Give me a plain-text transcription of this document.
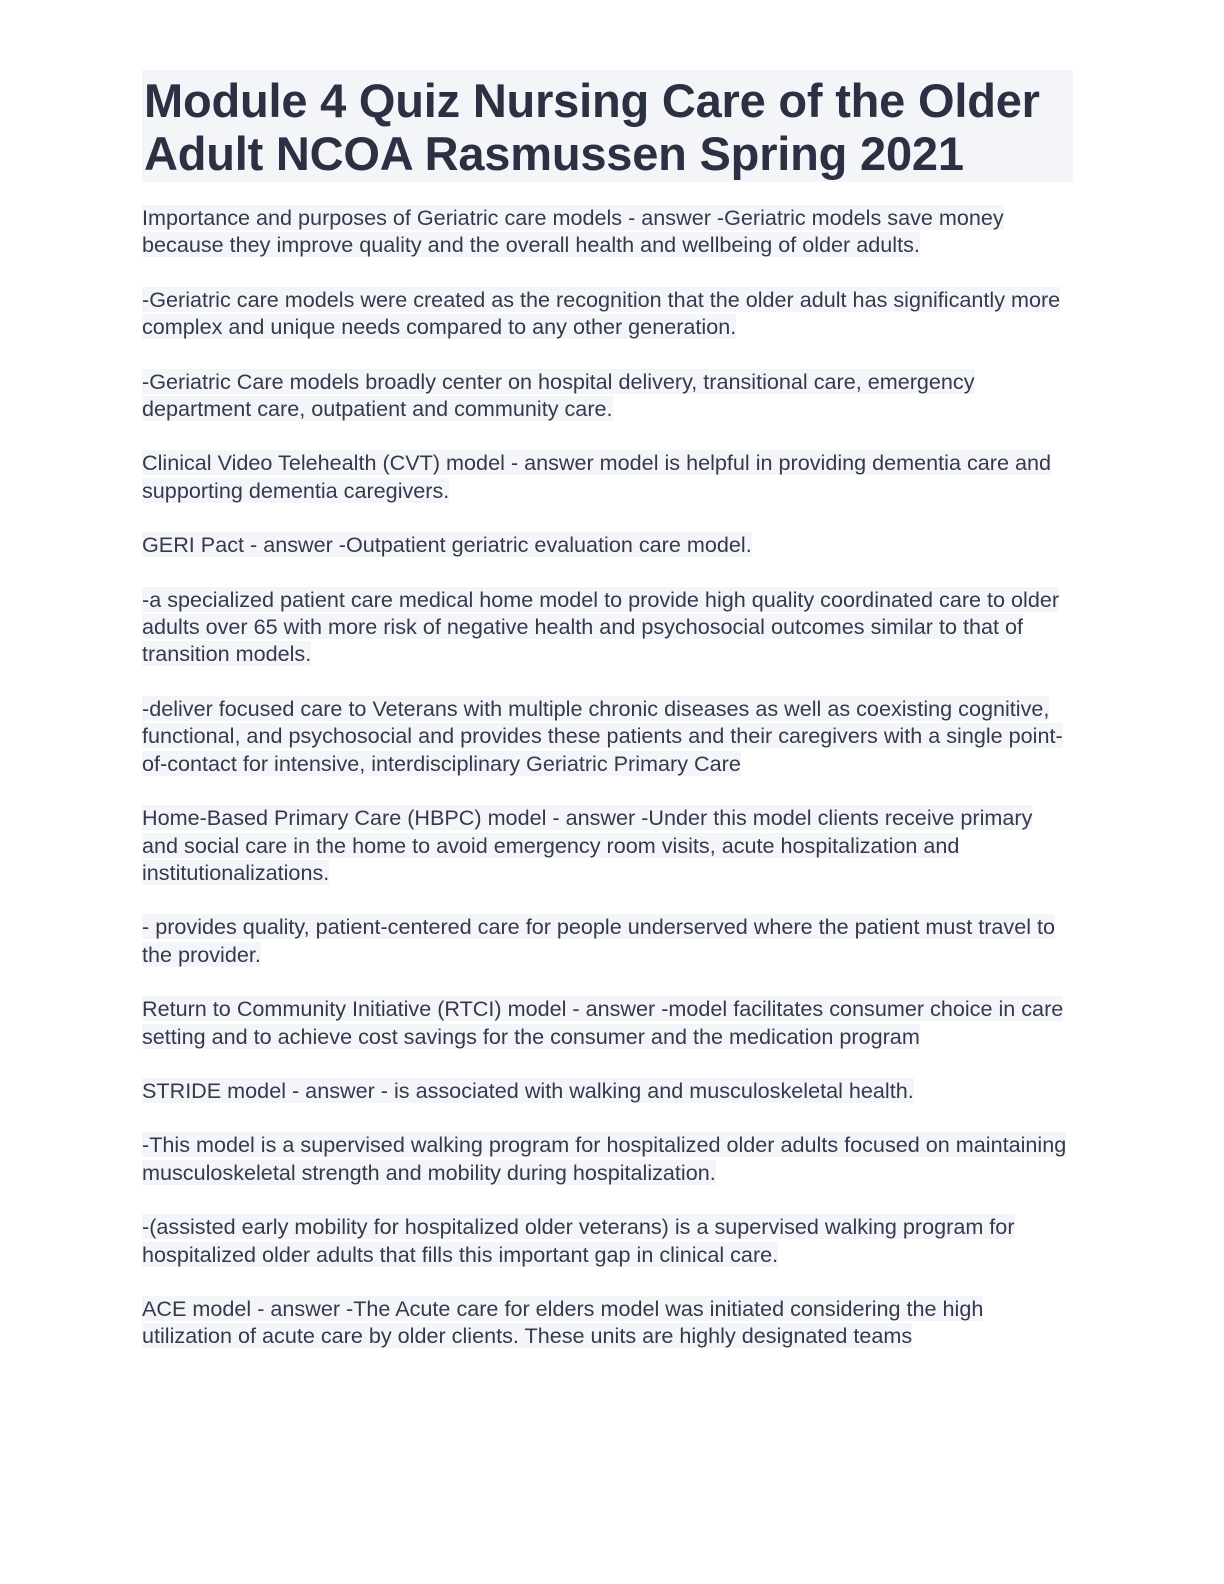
Module 4 Quiz Nursing Care of the Older Adult NCOA Rasmussen Spring 2021

Importance and purposes of Geriatric care models - answer -Geriatric models save money because they improve quality and the overall health and wellbeing of older adults.

-Geriatric care models were created as the recognition that the older adult has significantly more complex and unique needs compared to any other generation.

-Geriatric Care models broadly center on hospital delivery, transitional care, emergency department care, outpatient and community care.

Clinical Video Telehealth (CVT) model - answer model is helpful in providing dementia care and supporting dementia caregivers.

GERI Pact - answer -Outpatient geriatric evaluation care model.

-a specialized patient care medical home model to provide high quality coordinated care to older adults over 65 with more risk of negative health and psychosocial outcomes similar to that of transition models.

-deliver focused care to Veterans with multiple chronic diseases as well as coexisting cognitive, functional, and psychosocial and provides these patients and their caregivers with a single point-of-contact for intensive, interdisciplinary Geriatric Primary Care

Home-Based Primary Care (HBPC) model - answer -Under this model clients receive primary and social care in the home to avoid emergency room visits, acute hospitalization and institutionalizations.

- provides quality, patient-centered care for people underserved where the patient must travel to the provider.

Return to Community Initiative (RTCI) model - answer -model facilitates consumer choice in care setting and to achieve cost savings for the consumer and the medication program

STRIDE model - answer - is associated with walking and musculoskeletal health.

-This model is a supervised walking program for hospitalized older adults focused on maintaining musculoskeletal strength and mobility during hospitalization.

-(assisted early mobility for hospitalized older veterans) is a supervised walking program for hospitalized older adults that fills this important gap in clinical care.

ACE model - answer -The Acute care for elders model was initiated considering the high utilization of acute care by older clients. These units are highly designated teams
